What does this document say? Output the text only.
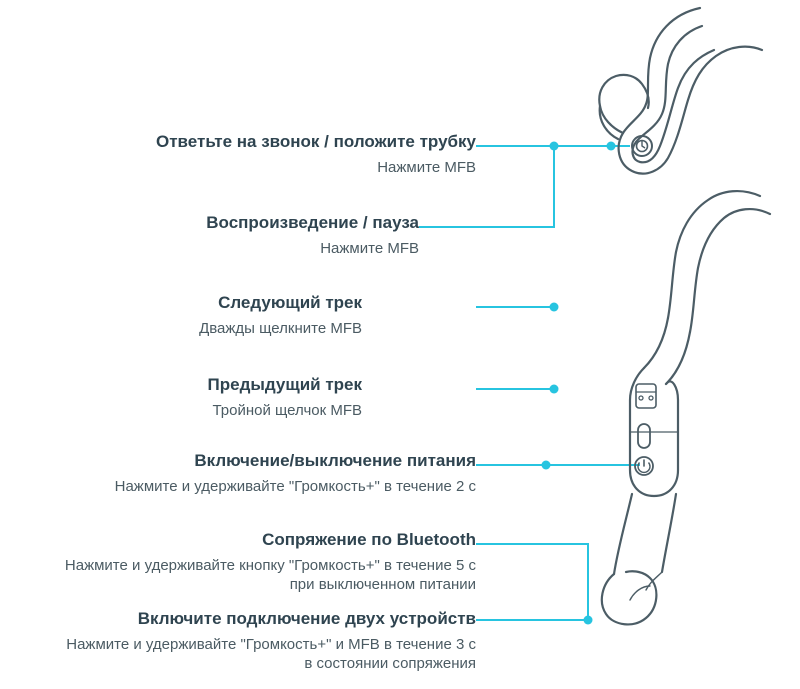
Ответьте на звонок / положите трубку
Нажмите MFB
Воспроизведение / пауза
Нажмите MFB
Следующий трек
Дважды щелкните MFB
Предыдущий трек
Тройной щелчок MFB
Включение/выключение питания
Нажмите и удерживайте "Громкость+" в течение 2 с
Сопряжение по Bluetooth
Нажмите и удерживайте кнопку "Громкость+" в течение 5 с при выключенном питании
Включите подключение двух устройств
Нажмите и удерживайте "Громкость+" и MFB в течение 3 с в состоянии сопряжения
